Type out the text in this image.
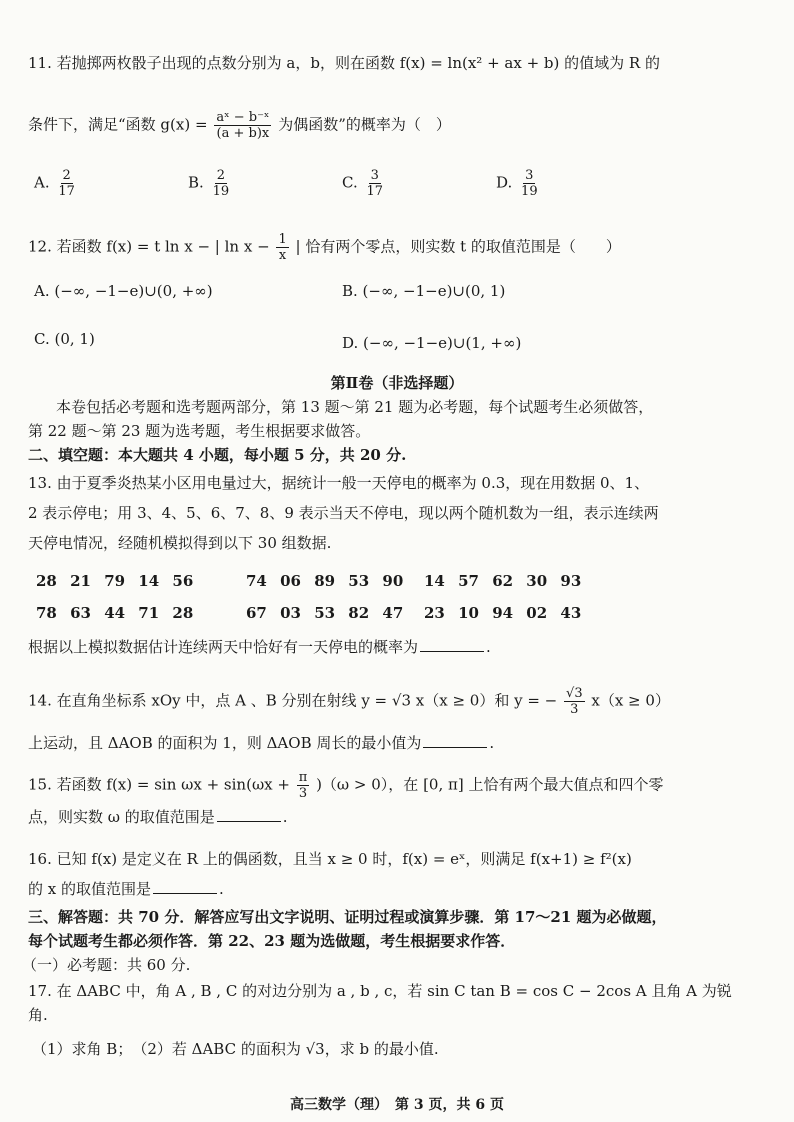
11. 若抛掷两枚骰子出现的点数分别为 a，b，则在函数 f(x) = ln(x² + ax + b) 的值域为 R 的
条件下，满足“函数 $g(x) = \frac{\text{aˣ − b⁻ˣ}}{(a + b)x}$ 为偶函数”的概率为（　）
A. $\frac{2}{17}$	B. $\frac{2}{19}$	C. $\frac{3}{17}$	D. $\frac{3}{19}$
12. 若函数 f(x) = t ln x − | $\ln x - \frac{1}{x}$ | 恰有两个零点，则实数 t 的取值范围是（　　）
A. (−∞, −1−e)∪(0, +∞)	B. (−∞, −1−e)∪(0, 1)
C. (0, 1)	D. (−∞, −1−e)∪(1, +∞)
第Ⅱ卷（非选择题）
本卷包括必考题和选考题两部分，第 13 题～第 21 题为必考题，每个试题考生必须做答，
第 22 题～第 23 题为选考题，考生根据要求做答。
二、填空题：本大题共 4 小题，每小题 5 分，共 20 分.
13. 由于夏季炎热某小区用电量过大，据统计一般一天停电的概率为 0.3，现在用数据 0、1、
2 表示停电；用 3、4、5、6、7、8、9 表示当天不停电，现以两个随机数为一组，表示连续两
天停电情况，经随机模拟得到以下 30 组数据.
28 21 79 14 56	74 06 89 53 90 14 57 62 30 93
78 63 44 71 28	67 03 53 82 47 23 10 94 02 43
根据以上模拟数据估计连续两天中恰好有一天停电的概率为	.
14. 在直角坐标系 xOy 中，点 A 、B 分别在射线 y = √3 x（x ≥ 0）和 y = − $\frac{√3}{3} x(x \ge 0)$
上运动，且 ΔAOB 的面积为 1，则 ΔAOB 周长的最小值为	.
15. 若函数 $f(x) = \sin \omega x + \sin(\omega x + \frac{\pi}{3} )(\omega > 0)$，在 [0, π] 上恰有两个最大值点和四个零
点，则实数 ω 的取值范围是	.
16. 已知 f(x) 是定义在 R 上的偶函数，且当 x ≥ 0 时，f(x) = eˣ，则满足 f(x+1) ≥ f²(x)
的 x 的取值范围是	.
三、解答题：共 70 分．解答应写出文字说明、证明过程或演算步骤．第 17～21 题为必做题，
每个试题考生都必须作答．第 22、23 题为选做题，考生根据要求作答．
（一）必考题：共 60 分.
17. 在 ΔABC 中，角 A , B , C 的对边分别为 a , b , c，若 sin C tan B = cos C − 2cos A 且角 A 为锐
角.
（1）求角 B；　（2）若 ΔABC 的面积为 √3，求 b 的最小值.
高三数学（理）　第 3 页，共 6 页
